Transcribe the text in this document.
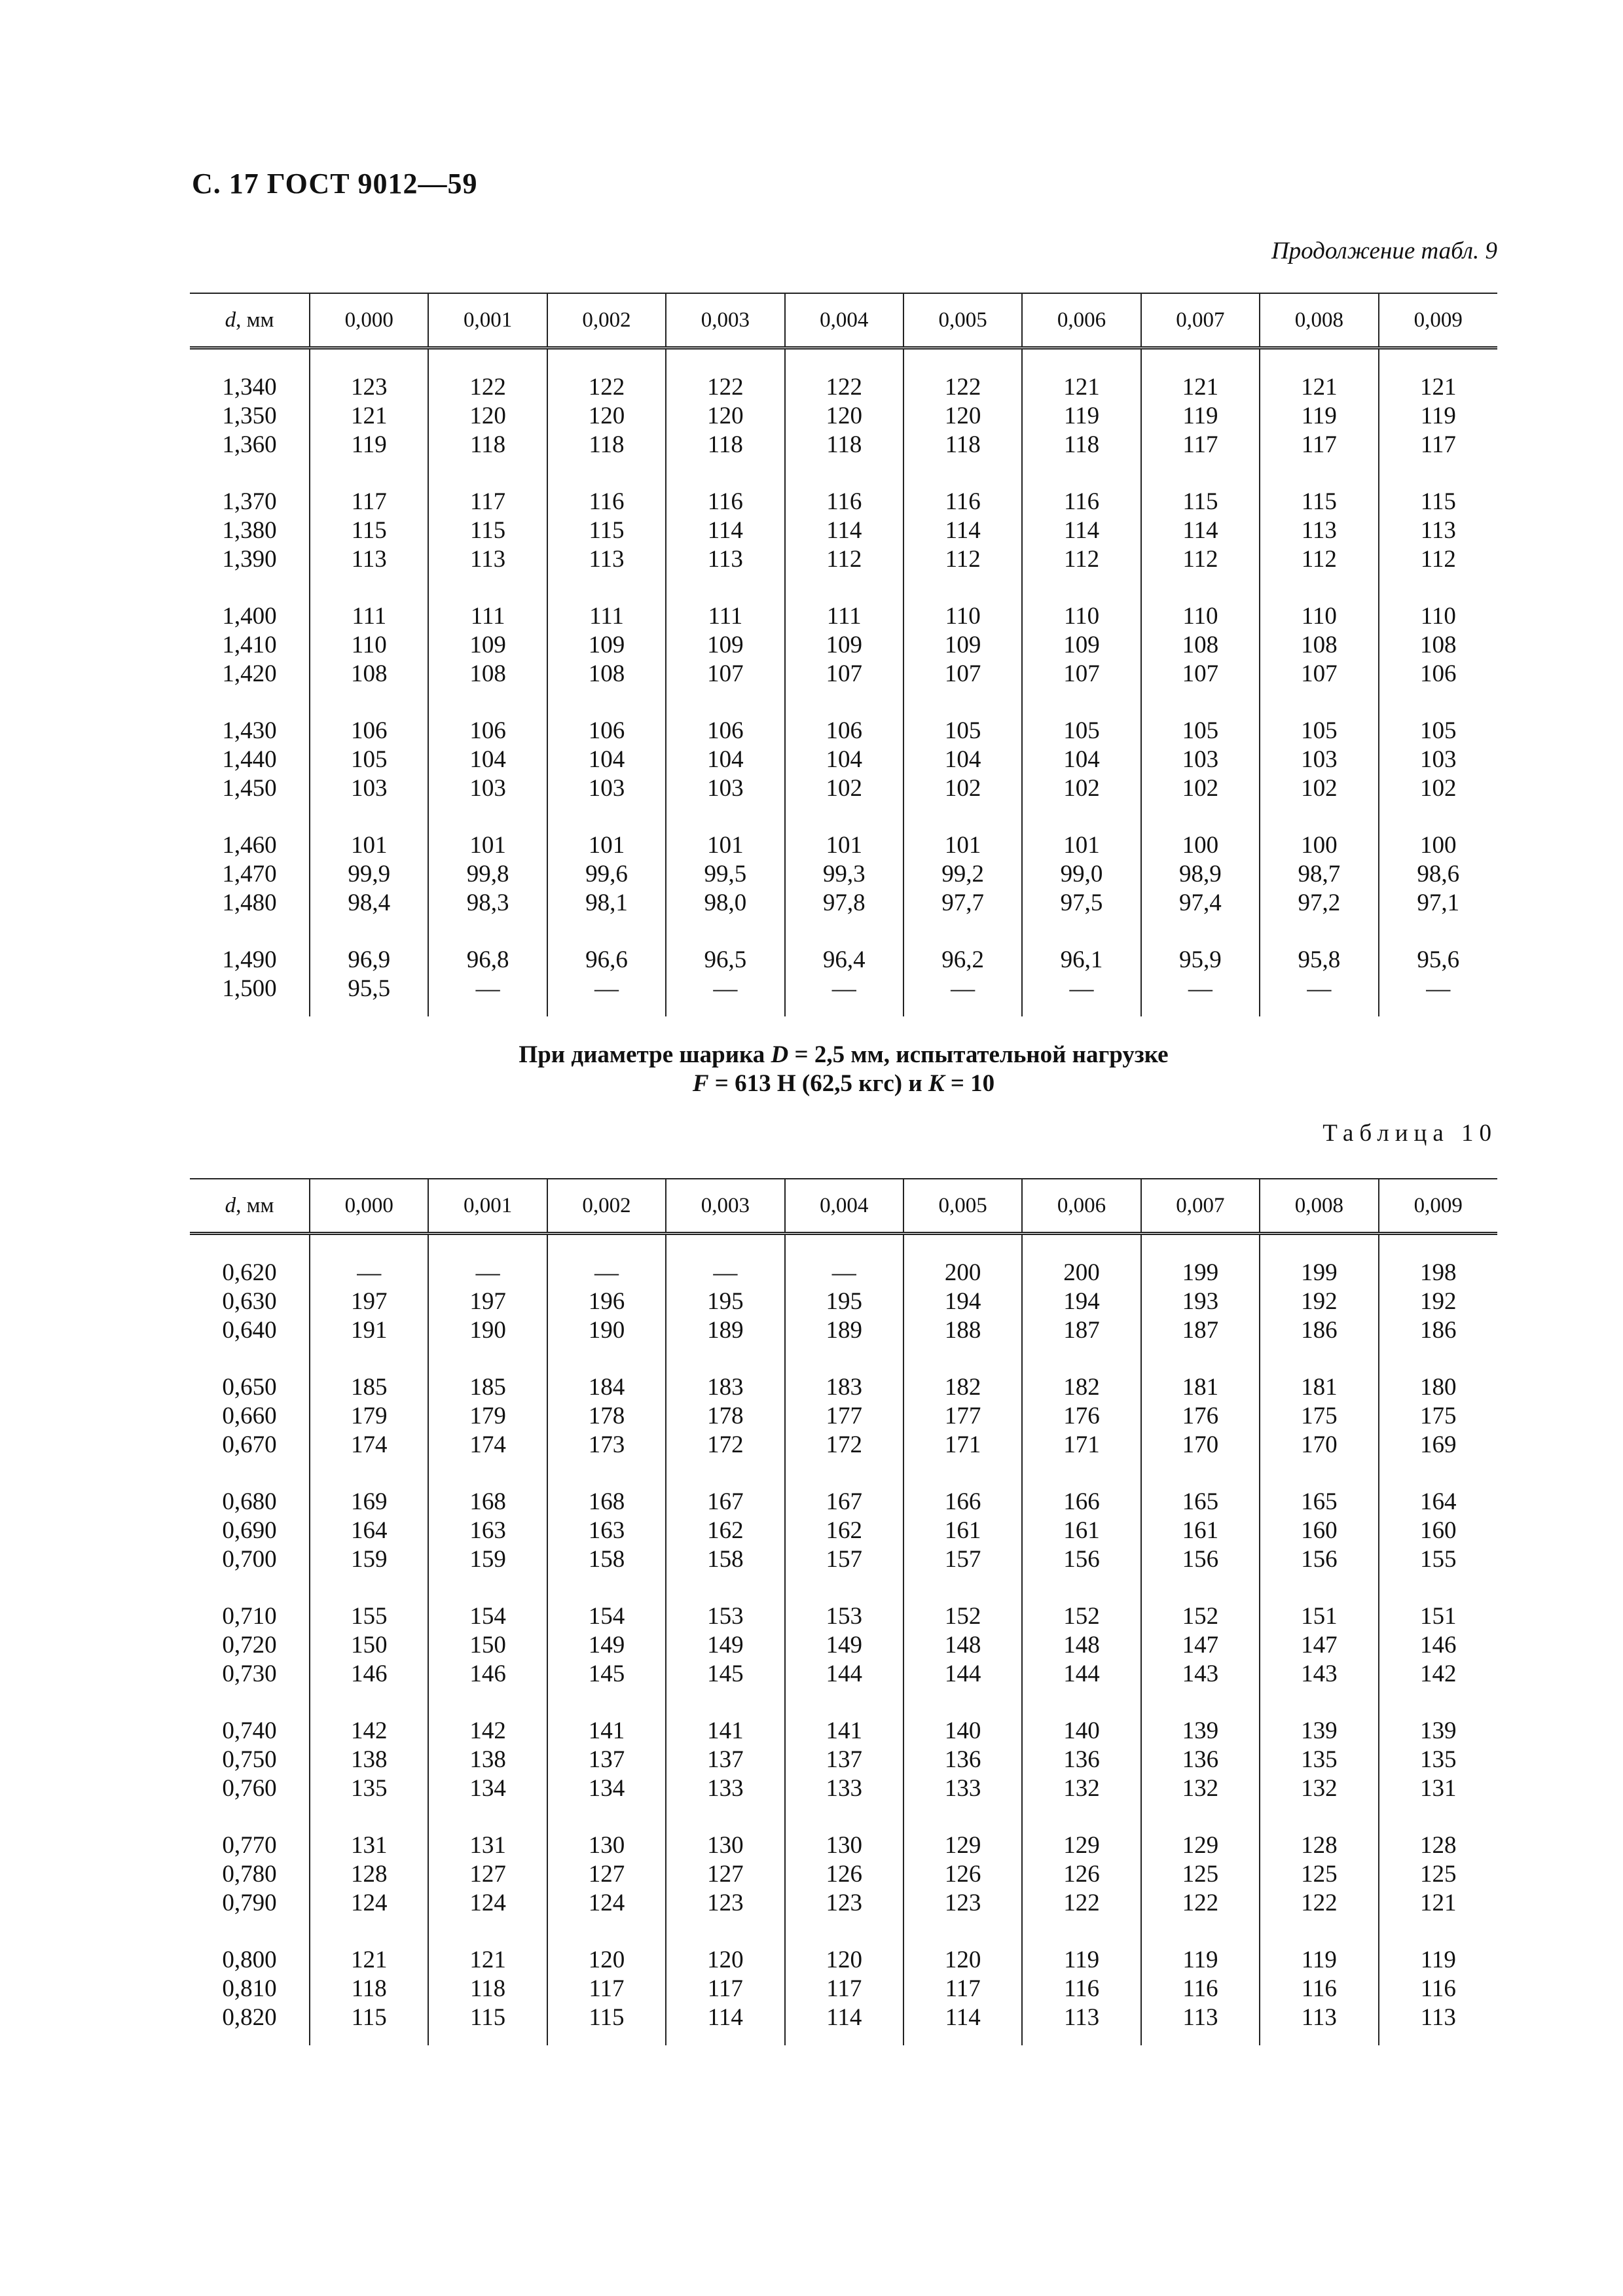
С. 17 ГОСТ 9012—59

Продолжение табл. 9

d, мм	0,000	0,001	0,002	0,003	0,004	0,005	0,006	0,007	0,008	0,009
1,340	123	122	122	122	122	122	121	121	121	121
1,350	121	120	120	120	120	120	119	119	119	119
1,360	119	118	118	118	118	118	118	117	117	117
1,370	117	117	116	116	116	116	116	115	115	115
1,380	115	115	115	114	114	114	114	114	113	113
1,390	113	113	113	113	112	112	112	112	112	112
1,400	111	111	111	111	111	110	110	110	110	110
1,410	110	109	109	109	109	109	109	108	108	108
1,420	108	108	108	107	107	107	107	107	107	106
1,430	106	106	106	106	106	105	105	105	105	105
1,440	105	104	104	104	104	104	104	103	103	103
1,450	103	103	103	103	102	102	102	102	102	102
1,460	101	101	101	101	101	101	101	100	100	100
1,470	99,9	99,8	99,6	99,5	99,3	99,2	99,0	98,9	98,7	98,6
1,480	98,4	98,3	98,1	98,0	97,8	97,7	97,5	97,4	97,2	97,1
1,490	96,9	96,8	96,6	96,5	96,4	96,2	96,1	95,9	95,8	95,6
1,500	95,5	—	—	—	—	—	—	—	—	—
При диаметре шарика D = 2,5 мм, испытательной нагрузке
F = 613 Н (62,5 кгс) и K = 10

Таблица 10

d, мм	0,000	0,001	0,002	0,003	0,004	0,005	0,006	0,007	0,008	0,009
0,620	—	—	—	—	—	200	200	199	199	198
0,630	197	197	196	195	195	194	194	193	192	192
0,640	191	190	190	189	189	188	187	187	186	186
0,650	185	185	184	183	183	182	182	181	181	180
0,660	179	179	178	178	177	177	176	176	175	175
0,670	174	174	173	172	172	171	171	170	170	169
0,680	169	168	168	167	167	166	166	165	165	164
0,690	164	163	163	162	162	161	161	161	160	160
0,700	159	159	158	158	157	157	156	156	156	155
0,710	155	154	154	153	153	152	152	152	151	151
0,720	150	150	149	149	149	148	148	147	147	146
0,730	146	146	145	145	144	144	144	143	143	142
0,740	142	142	141	141	141	140	140	139	139	139
0,750	138	138	137	137	137	136	136	136	135	135
0,760	135	134	134	133	133	133	132	132	132	131
0,770	131	131	130	130	130	129	129	129	128	128
0,780	128	127	127	127	126	126	126	125	125	125
0,790	124	124	124	123	123	123	122	122	122	121
0,800	121	121	120	120	120	120	119	119	119	119
0,810	118	118	117	117	117	117	116	116	116	116
0,820	115	115	115	114	114	114	113	113	113	113
